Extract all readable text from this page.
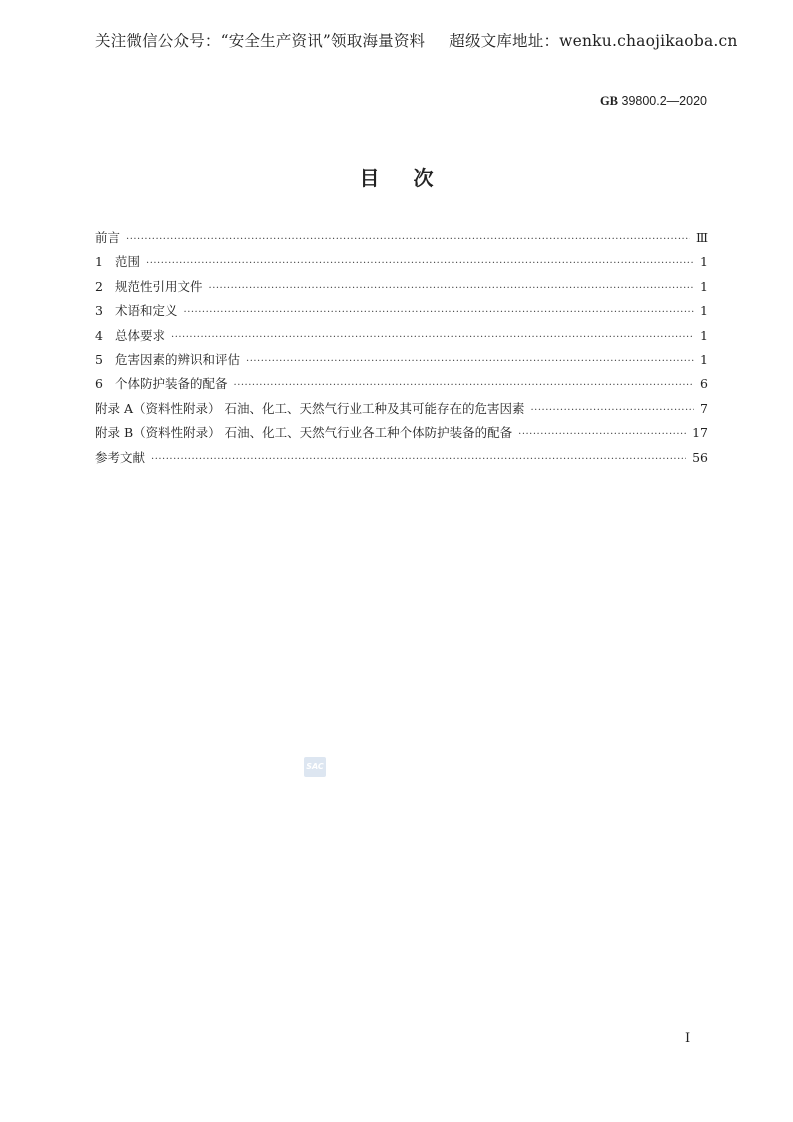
关注微信公众号：“安全生产资讯”领取海量资料 超级文库地址：wenku.chaojikaoba.cn
GB 39800.2—2020
目次
前言 ·····	Ⅲ
1 范围 ·····	1
2 规范性引用文件 ·····	1
3 术语和定义 ·····	1
4 总体要求 ·····	1
5 危害因素的辨识和评估 ·····	1
6 个体防护装备的配备 ·····	6
附录 A（资料性附录） 石油、化工、天然气行业工种及其可能存在的危害因素 ·····	7
附录 B（资料性附录） 石油、化工、天然气行业各工种个体防护装备的配备 ·····	17
参考文献 ·····	56
SAC
I
